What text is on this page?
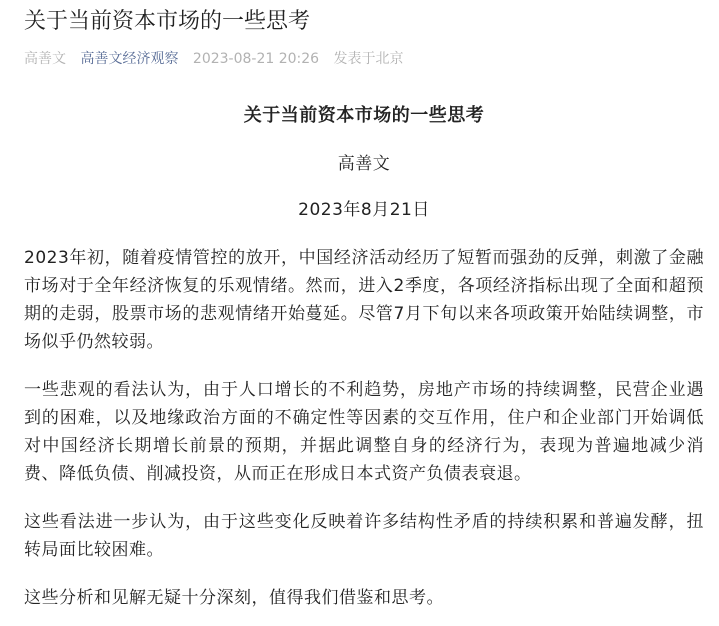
关于当前资本市场的一些思考
高善文 高善文经济观察 2023-08-21 20:26 发表于北京

关于当前资本市场的一些思考

高善文

2023年8月21日

2023年初，随着疫情管控的放开，中国经济活动经历了短暂而强劲的反弹，刺激了金融市场对于全年经济恢复的乐观情绪。然而，进入2季度，各项经济指标出现了全面和超预期的走弱，股票市场的悲观情绪开始蔓延。尽管7月下旬以来各项政策开始陆续调整，市场似乎仍然较弱。

一些悲观的看法认为，由于人口增长的不利趋势，房地产市场的持续调整，民营企业遇到的困难，以及地缘政治方面的不确定性等因素的交互作用，住户和企业部门开始调低对中国经济长期增长前景的预期，并据此调整自身的经济行为，表现为普遍地减少消费、降低负债、削减投资，从而正在形成日本式资产负债表衰退。

这些看法进一步认为，由于这些变化反映着许多结构性矛盾的持续积累和普遍发酵，扭转局面比较困难。

这些分析和见解无疑十分深刻，值得我们借鉴和思考。
